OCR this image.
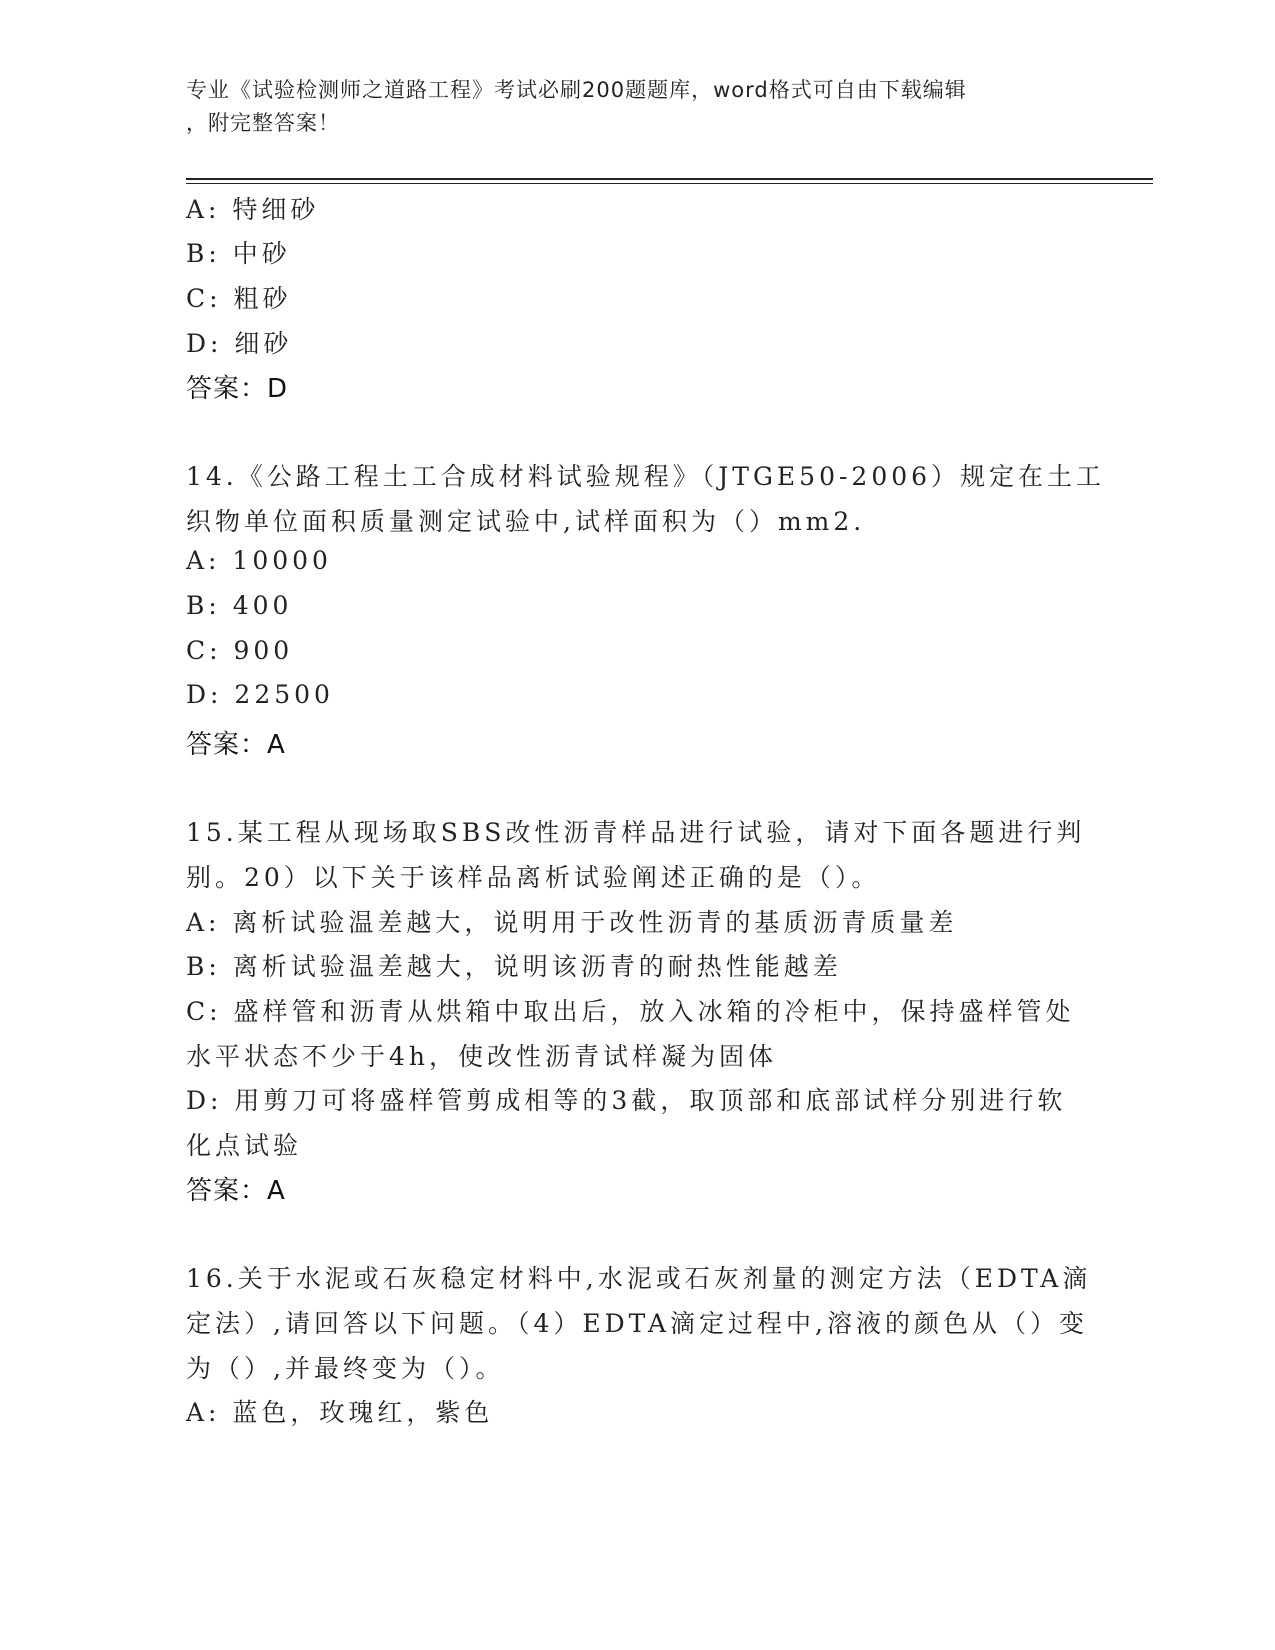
专业《试验检测师之道路工程》考试必刷200题题库，word格式可自由下载编辑
，附完整答案！
A: 特细砂
B: 中砂
C: 粗砂
D: 细砂
答案：D
14.《公路工程土工合成材料试验规程》（JTGE50-2006）规定在土工
织物单位面积质量测定试验中,试样面积为（）mm2.
A: 10000
B: 400
C: 900
D: 22500
答案：A
15.某工程从现场取SBS改性沥青样品进行试验，请对下面各题进行判
别。20）以下关于该样品离析试验阐述正确的是（）。
A: 离析试验温差越大，说明用于改性沥青的基质沥青质量差
B: 离析试验温差越大，说明该沥青的耐热性能越差
C: 盛样管和沥青从烘箱中取出后，放入冰箱的冷柜中，保持盛样管处
水平状态不少于4h，使改性沥青试样凝为固体
D: 用剪刀可将盛样管剪成相等的3截，取顶部和底部试样分别进行软
化点试验
答案：A
16.关于水泥或石灰稳定材料中,水泥或石灰剂量的测定方法（EDTA滴
定法）,请回答以下问题。（4）EDTA滴定过程中,溶液的颜色从（）变
为（）,并最终变为（）。
A: 蓝色，玫瑰红，紫色
